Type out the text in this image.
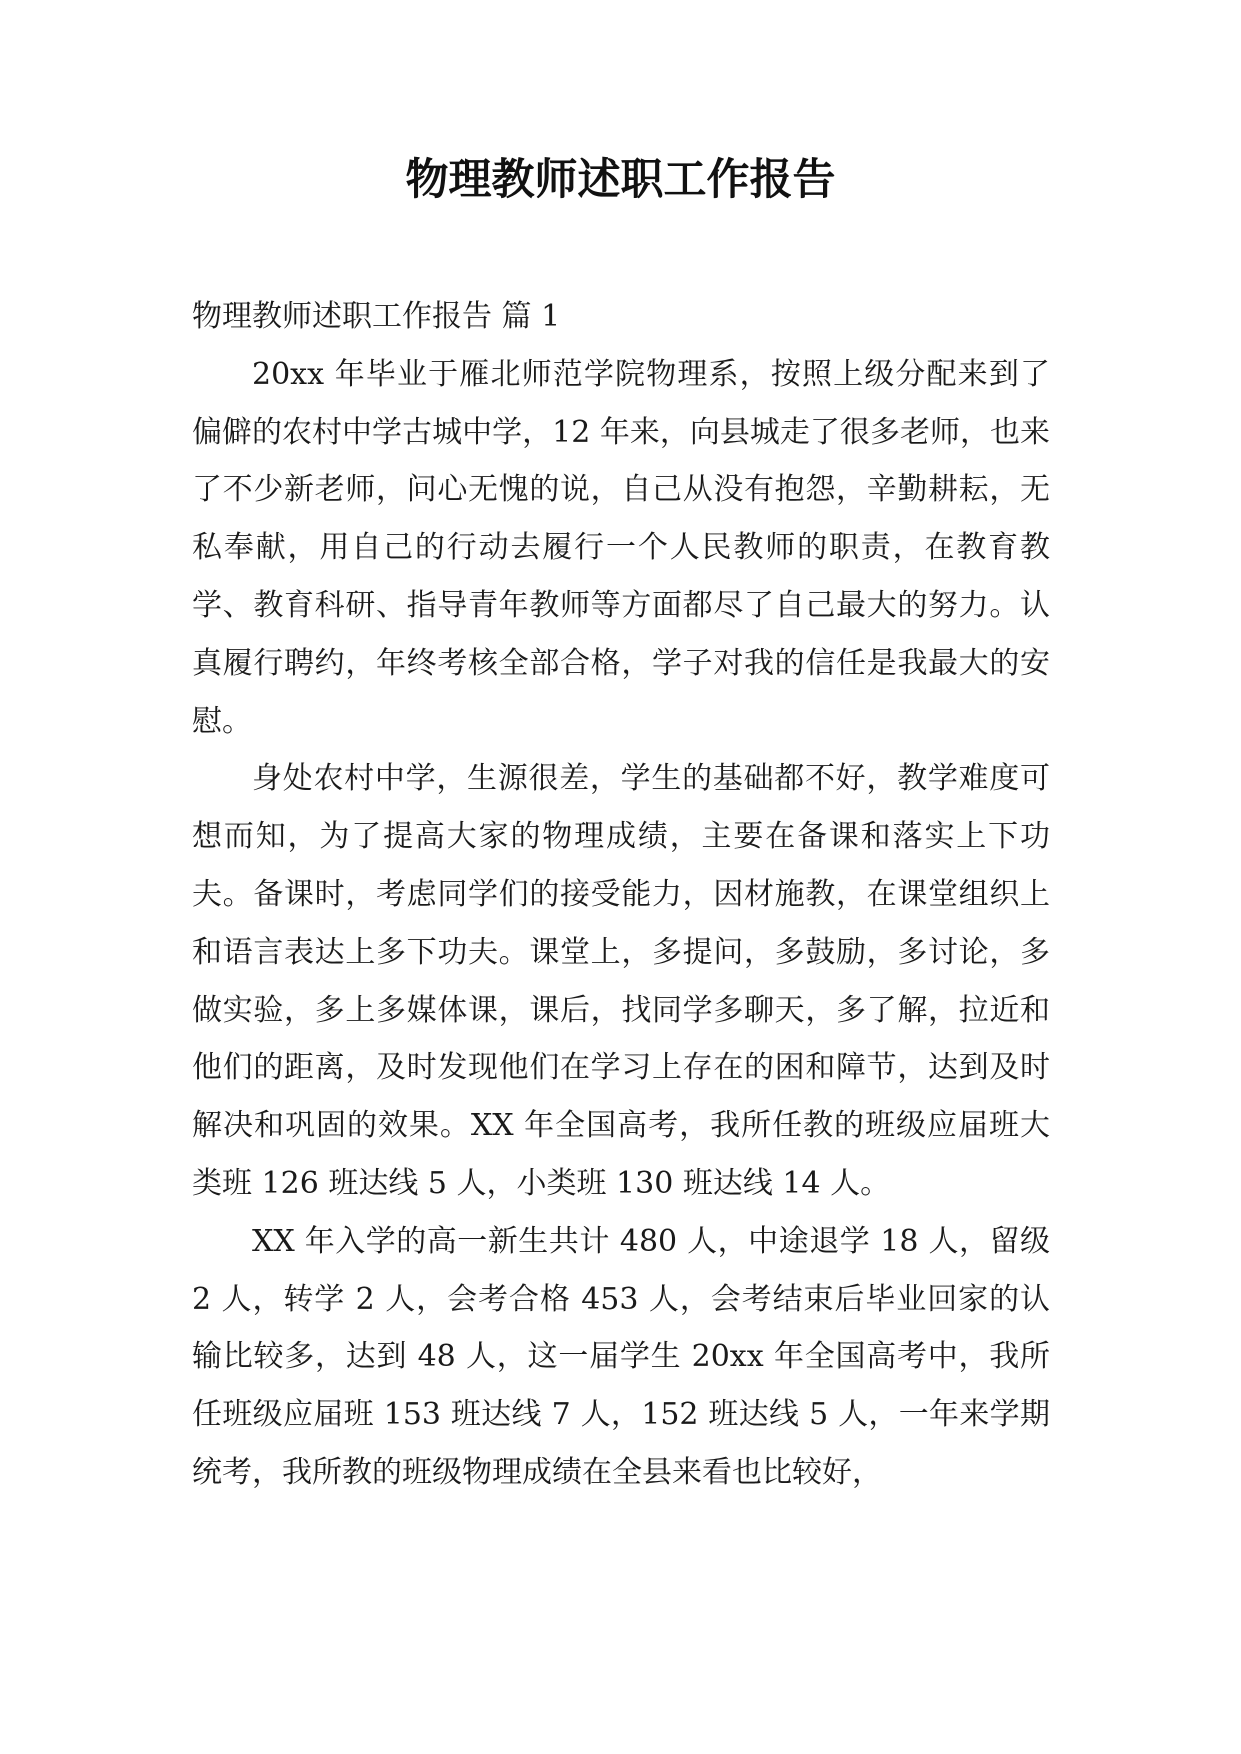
物理教师述职工作报告

物理教师述职工作报告 篇 1

20xx 年毕业于雁北师范学院物理系，按照上级分配来到了偏僻的农村中学古城中学，12 年来，向县城走了很多老师，也来了不少新老师，问心无愧的说，自己从没有抱怨，辛勤耕耘，无私奉献，用自己的行动去履行一个人民教师的职责，在教育教学、教育科研、指导青年教师等方面都尽了自己最大的努力。认真履行聘约，年终考核全部合格，学子对我的信任是我最大的安慰。

身处农村中学，生源很差，学生的基础都不好，教学难度可想而知，为了提高大家的物理成绩，主要在备课和落实上下功夫。备课时，考虑同学们的接受能力，因材施教，在课堂组织上和语言表达上多下功夫。课堂上，多提问，多鼓励，多讨论，多做实验，多上多媒体课，课后，找同学多聊天，多了解，拉近和他们的距离，及时发现他们在学习上存在的困和障节，达到及时解决和巩固的效果。XX 年全国高考，我所任教的班级应届班大类班 126 班达线 5 人，小类班 130 班达线 14 人。

XX 年入学的高一新生共计 480 人，中途退学 18 人，留级 2 人，转学 2 人，会考合格 453 人，会考结束后毕业回家的认输比较多，达到 48 人，这一届学生 20xx 年全国高考中，我所任班级应届班 153 班达线 7 人，152 班达线 5 人，一年来学期统考，我所教的班级物理成绩在全县来看也比较好，
